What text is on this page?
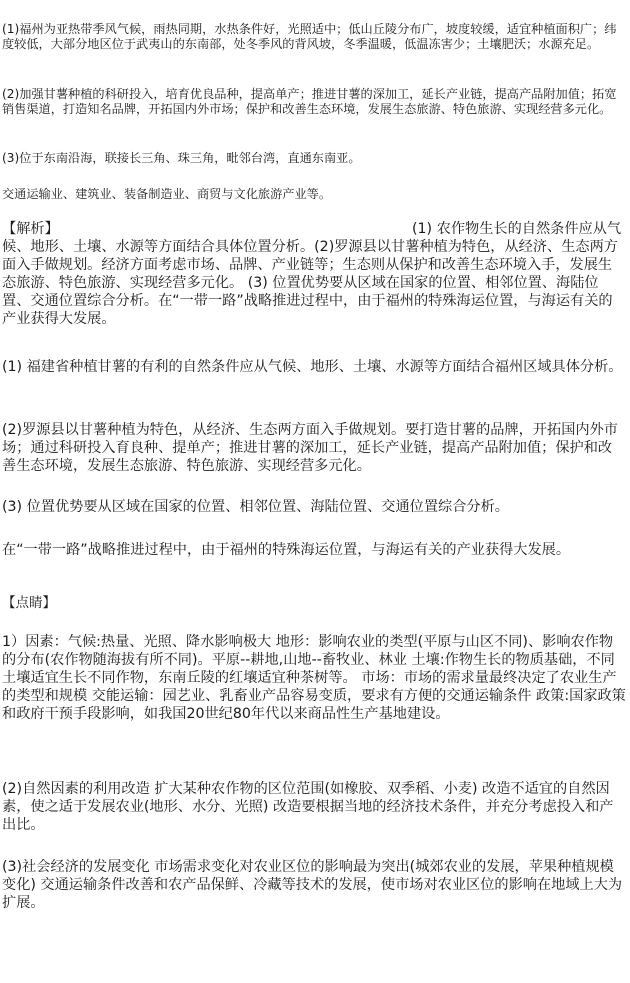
(1)福州为亚热带季风气候，雨热同期，水热条件好，光照适中；低山丘陵分布广，坡度较缓，适宜种植面积广；纬度较低，大部分地区位于武夷山的东南部，处冬季风的背风坡，冬季温暖，低温冻害少；土壤肥沃；水源充足。

(2)加强甘薯种植的科研投入，培育优良品种，提高单产；推进甘薯的深加工，延长产业链，提高产品附加值；拓宽销售渠道，打造知名品牌，开拓国内外市场；保护和改善生态环境，发展生态旅游、特色旅游、实现经营多元化。

(3)位于东南沿海，联接长三角、珠三角，毗邻台湾，直通东南亚。

交通运输业、建筑业、装备制造业、商贸与文化旅游产业等。

【解析】	(1) 农作物生长的自然条件应从气候、地形、土壤、水源等方面结合具体位置分析。(2)罗源县以甘薯种植为特色，从经济、生态两方面入手做规划。经济方面考虑市场、品牌、产业链等；生态则从保护和改善生态环境入手，发展生态旅游、特色旅游、实现经营多元化。 (3) 位置优势要从区域在国家的位置、相邻位置、海陆位置、交通位置综合分析。在“一带一路”战略推进过程中，由于福州的特殊海运位置，与海运有关的产业获得大发展。

(1) 福建省种植甘薯的有利的自然条件应从气候、地形、土壤、水源等方面结合福州区域具体分析。

(2)罗源县以甘薯种植为特色，从经济、生态两方面入手做规划。要打造甘薯的品牌，开拓国内外市场；通过科研投入育良种、提单产；推进甘薯的深加工，延长产业链，提高产品附加值；保护和改善生态环境，发展生态旅游、特色旅游、实现经营多元化。

(3) 位置优势要从区域在国家的位置、相邻位置、海陆位置、交通位置综合分析。

在“一带一路”战略推进过程中，由于福州的特殊海运位置，与海运有关的产业获得大发展。

【点睛】

1）因素：气候:热量、光照、降水影响极大 地形：影响农业的类型(平原与山区不同)、影响农作物的分布(农作物随海拔有所不同)。平原--耕地,山地--畜牧业、林业 土壤:作物生长的物质基础，不同土壤适宜生长不同作物，东南丘陵的红壤适宜种茶树等。 市场：市场的需求量最终决定了农业生产的类型和规模 交能运输：园艺业、乳畜业产品容易变质，要求有方便的交通运输条件 政策:国家政策和政府干预手段影响，如我国20世纪80年代以来商品性生产基地建设。

(2)自然因素的利用改造 扩大某种农作物的区位范围(如橡胶、双季稻、小麦) 改造不适宜的自然因素，使之适于发展农业(地形、水分、光照) 改造要根据当地的经济技术条件，并充分考虑投入和产出比。

(3)社会经济的发展变化 市场需求变化对农业区位的影响最为突出(城郊农业的发展，苹果种植规模变化) 交通运输条件改善和农产品保鲜、冷藏等技术的发展，使市场对农业区位的影响在地域上大为扩展。
